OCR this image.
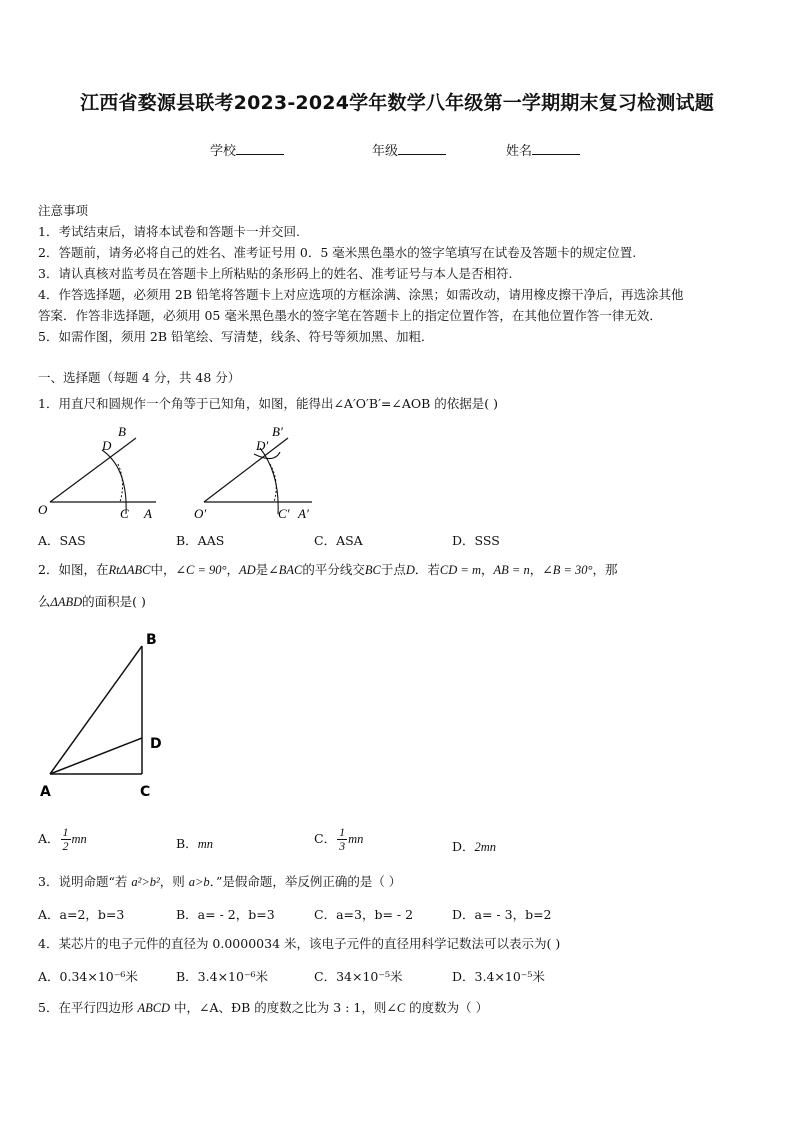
江西省婺源县联考2023-2024学年数学八年级第一学期期末复习检测试题
学校	年级	姓名
注意事项
1．考试结束后，请将本试卷和答题卡一并交回.
2．答题前，请务必将自己的姓名、准考证号用 0．5 毫米黑色墨水的签字笔填写在试卷及答题卡的规定位置.
3．请认真核对监考员在答题卡上所粘贴的条形码上的姓名、准考证号与本人是否相符.
4．作答选择题，必须用 2B 铅笔将答题卡上对应选项的方框涂满、涂黑；如需改动，请用橡皮擦干净后，再选涂其他
答案．作答非选择题，必须用 05 毫米黑色墨水的签字笔在答题卡上的指定位置作答，在其他位置作答一律无效．
5．如需作图，须用 2B 铅笔绘、写清楚，线条、符号等须加黑、加粗．
一、选择题（每题 4 分，共 48 分）
1．用直尺和圆规作一个角等于已知角，如图，能得出∠A′O′B′=∠AOB 的依据是( )
O	A
B
C
D
O′	A′
B′
C′
D′
A．SAS	B．AAS	C．ASA	D．SSS
2．如图，在RtΔABC中，∠C = 90°，AD是∠BAC的平分线交BC于点D．若CD = m，AB = n，∠B = 30°，那
么ΔABD的面积是( )
B
D
A	C
A． $\frac{1}{2}$ mn	B．mn	C． $\frac{1}{3}$ mn	D．2mn
3．说明命题“若 a²>b²，则 a>b．”是假命题，举反例正确的是（ ）
A．a=2，b=3	B．a= - 2，b=3	C．a=3，b= - 2	D．a= - 3，b=2
4．某芯片的电子元件的直径为 0.0000034 米，该电子元件的直径用科学记数法可以表示为( )
A．0.34×10⁻⁶米	B．3.4×10⁻⁶米	C．34×10⁻⁵米	D．3.4×10⁻⁵米
5．在平行四边形 ABCD 中，∠A、ÐB 的度数之比为 3 : 1，则∠C 的度数为（ ）
